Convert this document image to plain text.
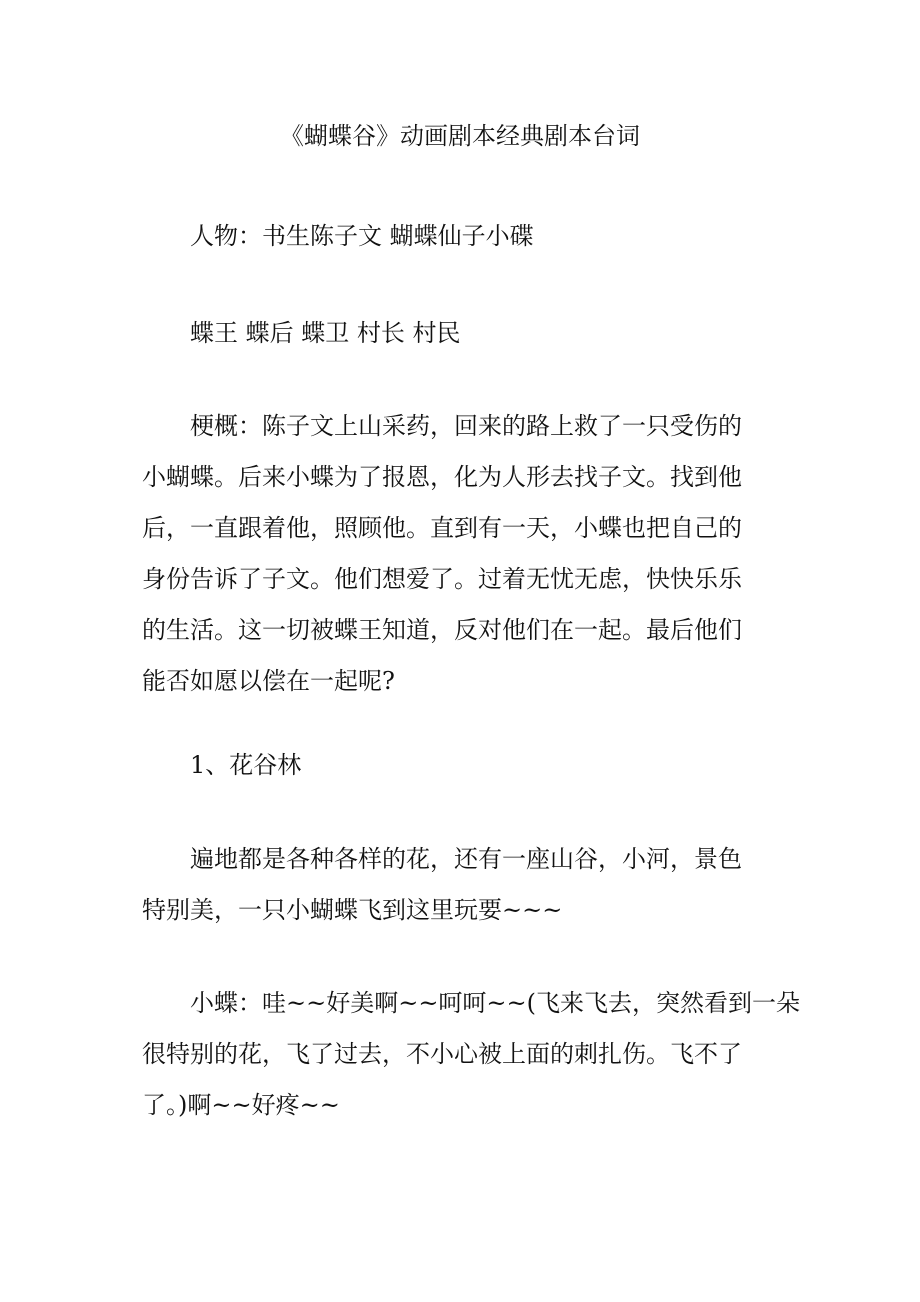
《蝴蝶谷》动画剧本经典剧本台词
人物：书生陈子文 蝴蝶仙子小碟
蝶王 蝶后 蝶卫 村长 村民
梗概：陈子文上山采药，回来的路上救了一只受伤的
小蝴蝶。后来小蝶为了报恩，化为人形去找子文。找到他
后，一直跟着他，照顾他。直到有一天，小蝶也把自己的
身份告诉了子文。他们想爱了。过着无忧无虑，快快乐乐
的生活。这一切被蝶王知道，反对他们在一起。最后他们
能否如愿以偿在一起呢?
1、花谷林
遍地都是各种各样的花，还有一座山谷，小河，景色
特别美，一只小蝴蝶飞到这里玩要~~~
小蝶：哇~~好美啊~~呵呵~~(飞来飞去，突然看到一朵
很特别的花，飞了过去，不小心被上面的刺扎伤。飞不了
了。)啊~~好疼~~
